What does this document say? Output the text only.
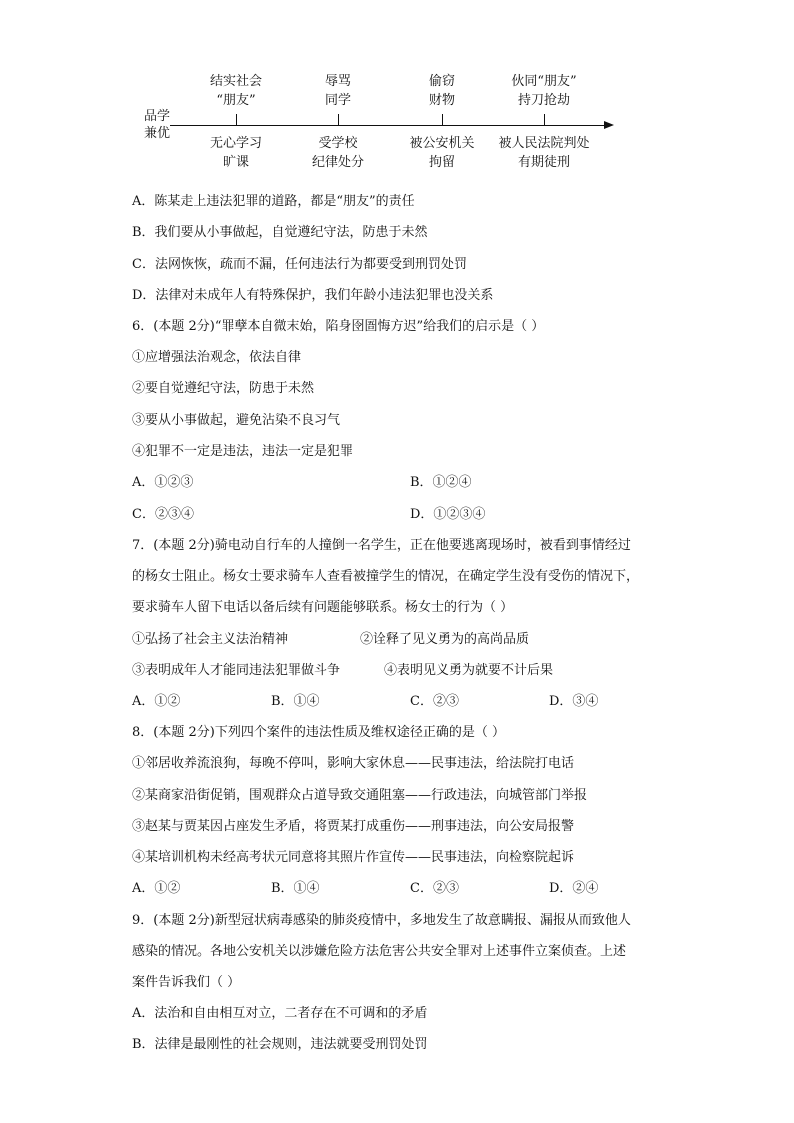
品学
兼优
结实社会
“朋友”
辱骂
同学
偷窃
财物
伙同“朋友”
持刀抢劫
无心学习
旷课
受学校
纪律处分
被公安机关
拘留
被人民法院判处
有期徒刑
A．陈某走上违法犯罪的道路，都是“朋友”的责任
B．我们要从小事做起，自觉遵纪守法，防患于未然
C．法网恢恢，疏而不漏，任何违法行为都要受到刑罚处罚
D．法律对未成年人有特殊保护，我们年龄小违法犯罪也没关系
6．(本题 2分)“罪孽本自微末始，陷身囹圄悔方迟”给我们的启示是（ ）
①应增强法治观念，依法自律
②要自觉遵纪守法，防患于未然
③要从小事做起，避免沾染不良习气
④犯罪不一定是违法，违法一定是犯罪
A．①②③	B．①②④
C．②③④	D．①②③④
7．(本题 2分)骑电动自行车的人撞倒一名学生，正在他要逃离现场时，被看到事情经过
的杨女士阻止。杨女士要求骑车人查看被撞学生的情况，在确定学生没有受伤的情况下，
要求骑车人留下电话以备后续有问题能够联系。杨女士的行为（ ）
①弘扬了社会主义法治精神	②诠释了见义勇为的高尚品质
③表明成年人才能同违法犯罪做斗争	④表明见义勇为就要不计后果
A．①②	B．①④	C．②③	D．③④
8．(本题 2分)下列四个案件的违法性质及维权途径正确的是（ ）
①邻居收养流浪狗，每晚不停叫，影响大家休息——民事违法，给法院打电话
②某商家沿街促销，围观群众占道导致交通阻塞——行政违法，向城管部门举报
③赵某与贾某因占座发生矛盾，将贾某打成重伤——刑事违法，向公安局报警
④某培训机构未经高考状元同意将其照片作宣传——民事违法，向检察院起诉
A．①②	B．①④	C．②③	D．②④
9．(本题 2分)新型冠状病毒感染的肺炎疫情中，多地发生了故意瞒报、漏报从而致他人
感染的情况。各地公安机关以涉嫌危险方法危害公共安全罪对上述事件立案侦查。上述
案件告诉我们（ ）
A．法治和自由相互对立，二者存在不可调和的矛盾
B．法律是最刚性的社会规则，违法就要受刑罚处罚
